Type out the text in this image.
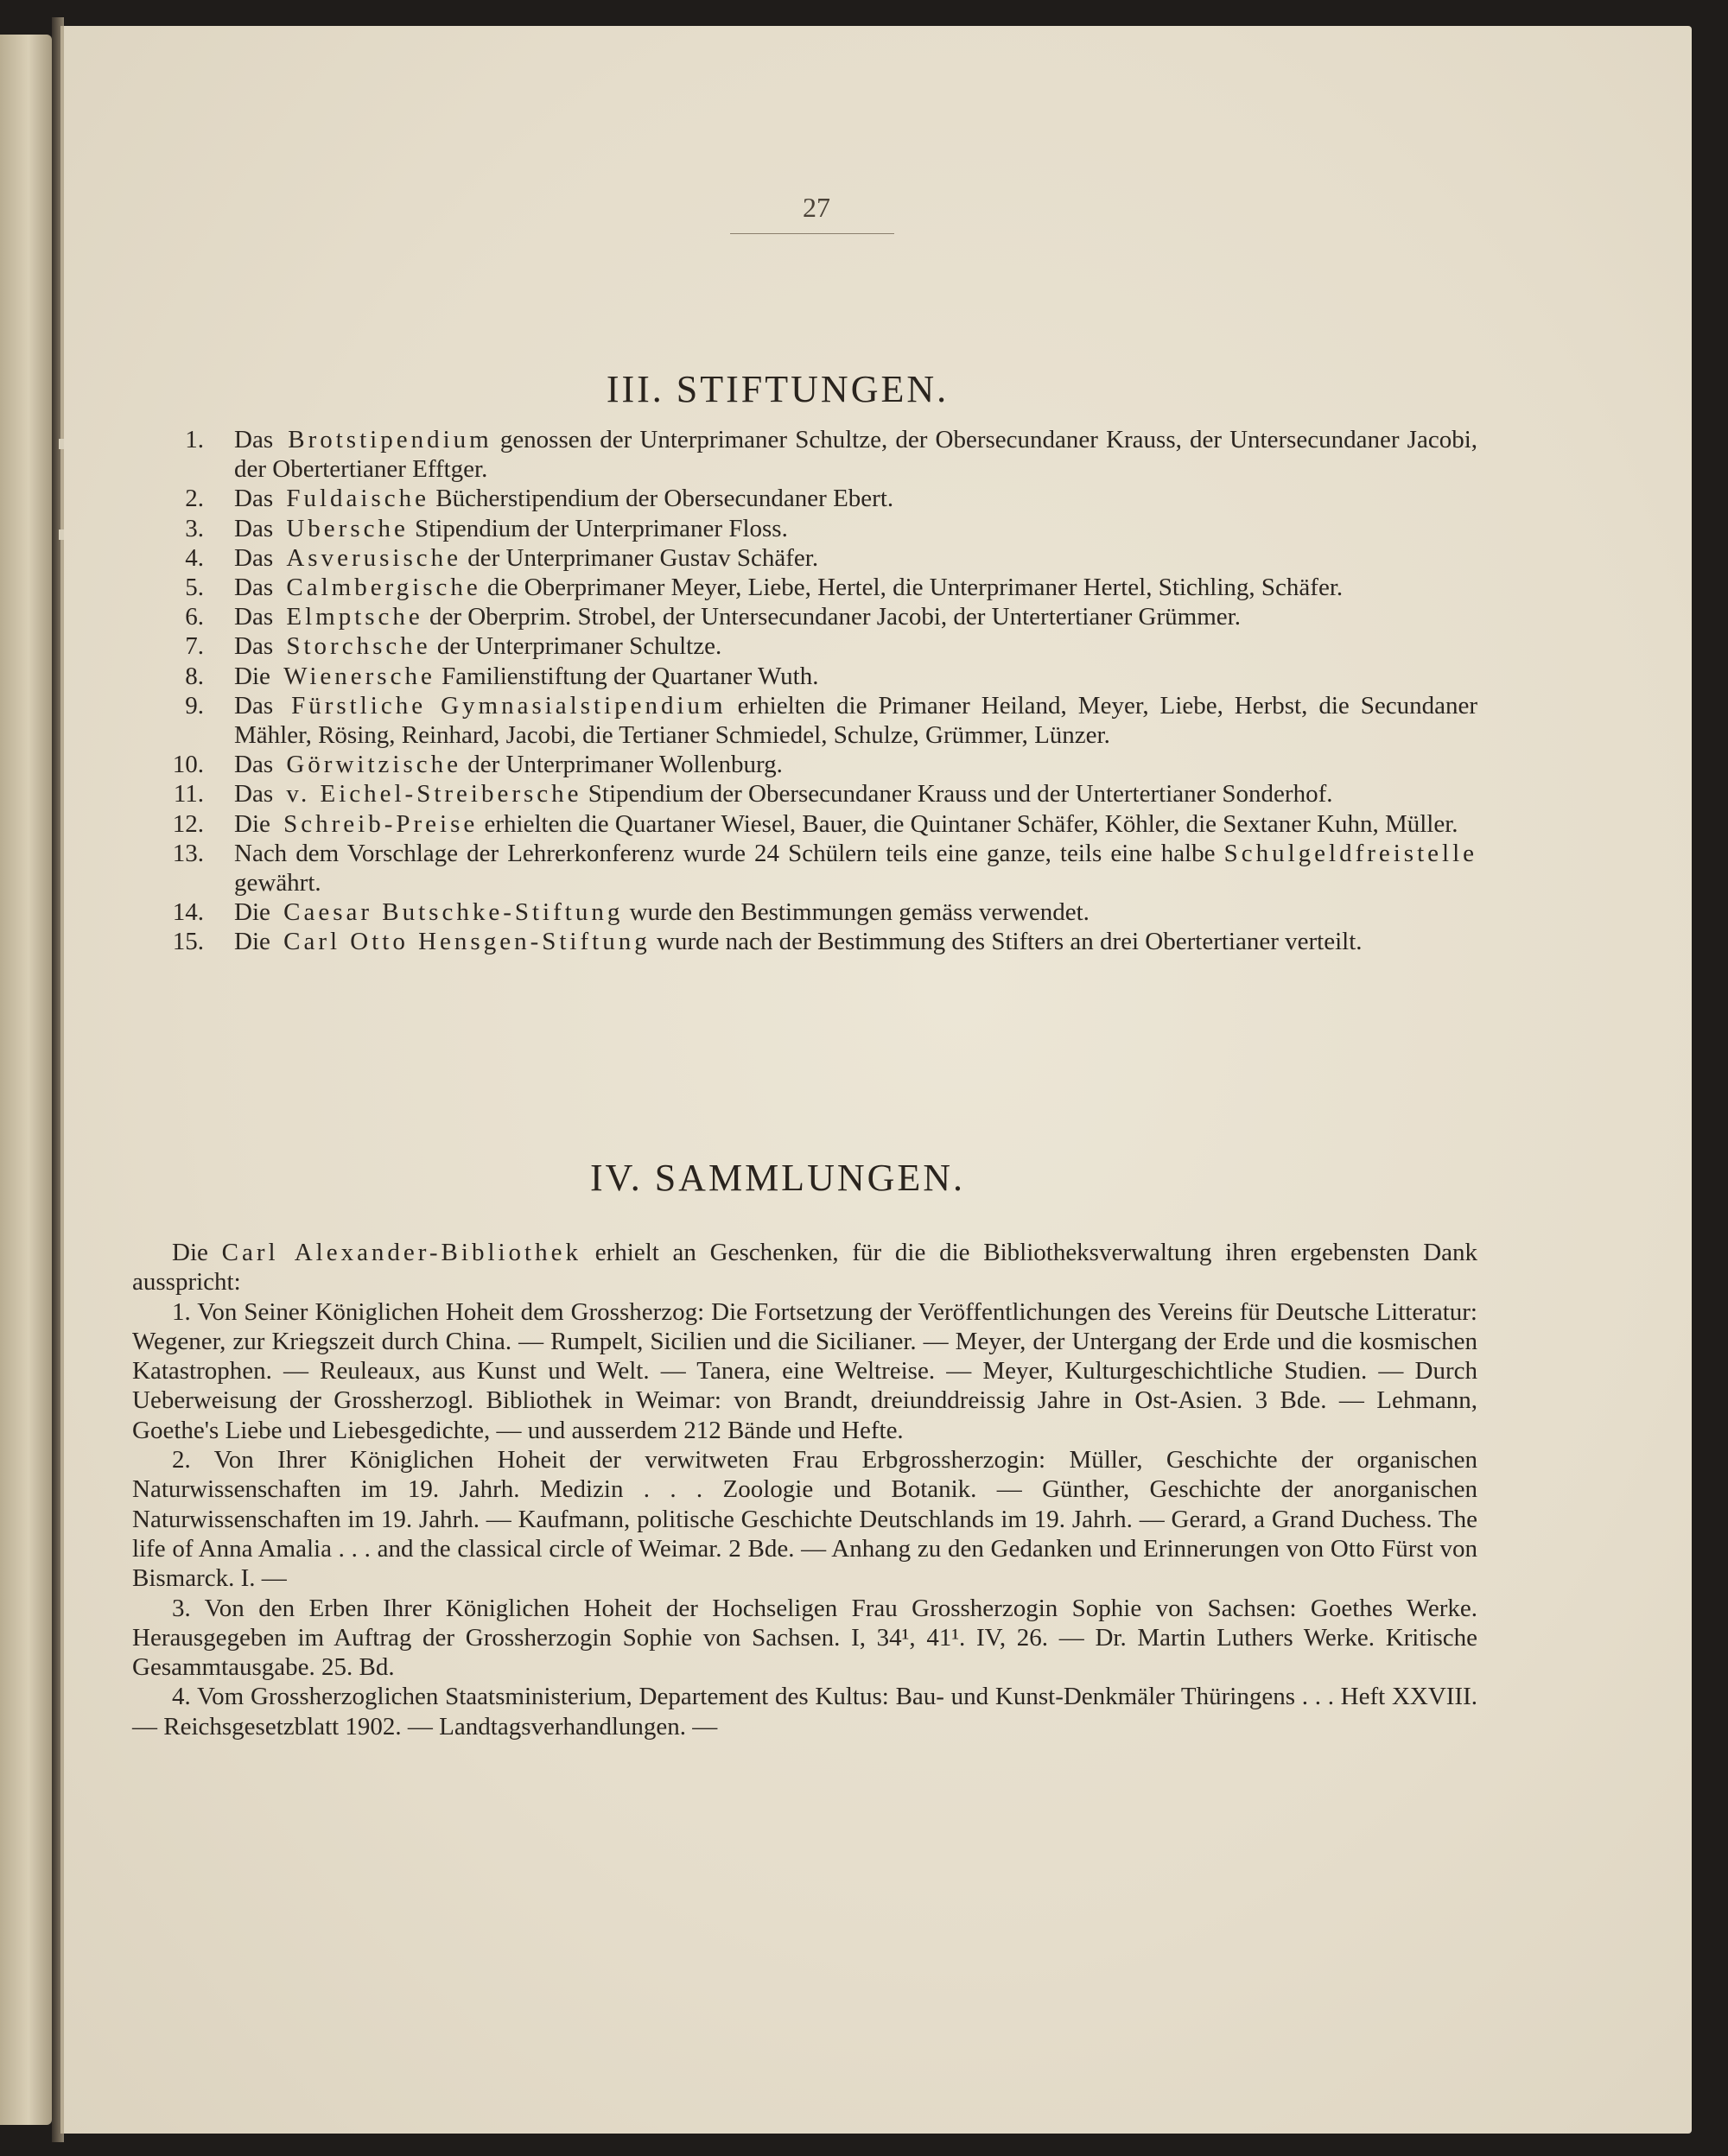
27
III. STIFTUNGEN.
1. Das Brotstipendium genossen der Unterprimaner Schultze, der Obersecundaner Krauss, der Untersecundaner Jacobi, der Obertertianer Efftger.
2. Das Fuldaische Bücherstipendium der Obersecundaner Ebert.
3. Das Ubersche Stipendium der Unterprimaner Floss.
4. Das Asverusische der Unterprimaner Gustav Schäfer.
5. Das Calmbergische die Oberprimaner Meyer, Liebe, Hertel, die Unterprimaner Hertel, Stichling, Schäfer.
6. Das Elmptsche der Oberprim. Strobel, der Untersecundaner Jacobi, der Untertertianer Grümmer.
7. Das Storchsche der Unterprimaner Schultze.
8. Die Wienersche Familienstiftung der Quartaner Wuth.
9. Das Fürstliche Gymnasialstipendium erhielten die Primaner Heiland, Meyer, Liebe, Herbst, die Secundaner Mähler, Rösing, Reinhard, Jacobi, die Tertianer Schmiedel, Schulze, Grümmer, Lünzer.
10. Das Görwitzische der Unterprimaner Wollenburg.
11. Das v. Eichel-Streibersche Stipendium der Obersecundaner Krauss und der Untertertianer Sonderhof.
12. Die Schreib-Preise erhielten die Quartaner Wiesel, Bauer, die Quintaner Schäfer, Köhler, die Sextaner Kuhn, Müller.
13. Nach dem Vorschlage der Lehrerkonferenz wurde 24 Schülern teils eine ganze, teils eine halbe Schulgeldfreistelle gewährt.
14. Die Caesar Butschke-Stiftung wurde den Bestimmungen gemäss verwendet.
15. Die Carl Otto Hensgen-Stiftung wurde nach der Bestimmung des Stifters an drei Obertertianer verteilt.
IV. SAMMLUNGEN.

Die Carl Alexander-Bibliothek erhielt an Geschenken, für die die Bibliotheksverwaltung ihren ergebensten Dank ausspricht:

1. Von Seiner Königlichen Hoheit dem Grossherzog: Die Fortsetzung der Veröffentlichungen des Vereins für Deutsche Litteratur: Wegener, zur Kriegszeit durch China. — Rumpelt, Sicilien und die Sicilianer. — Meyer, der Untergang der Erde und die kosmischen Katastrophen. — Reuleaux, aus Kunst und Welt. — Tanera, eine Weltreise. — Meyer, Kulturgeschichtliche Studien. — Durch Ueberweisung der Grossherzogl. Bibliothek in Weimar: von Brandt, dreiunddreissig Jahre in Ost-Asien. 3 Bde. — Lehmann, Goethe's Liebe und Liebesgedichte, — und ausserdem 212 Bände und Hefte.

2. Von Ihrer Königlichen Hoheit der verwitweten Frau Erbgrossherzogin: Müller, Geschichte der organischen Naturwissenschaften im 19. Jahrh. Medizin . . . Zoologie und Botanik. — Günther, Geschichte der anorganischen Naturwissenschaften im 19. Jahrh. — Kaufmann, politische Geschichte Deutschlands im 19. Jahrh. — Gerard, a Grand Duchess. The life of Anna Amalia . . . and the classical circle of Weimar. 2 Bde. — Anhang zu den Gedanken und Erinnerungen von Otto Fürst von Bismarck. I. —

3. Von den Erben Ihrer Königlichen Hoheit der Hochseligen Frau Grossherzogin Sophie von Sachsen: Goethes Werke. Herausgegeben im Auftrag der Grossherzogin Sophie von Sachsen. I, 34¹, 41¹. IV, 26. — Dr. Martin Luthers Werke. Kritische Gesammtausgabe. 25. Bd.

4. Vom Grossherzoglichen Staatsministerium, Departement des Kultus: Bau- und Kunst-Denkmäler Thüringens . . . Heft XXVIII. — Reichsgesetzblatt 1902. — Landtagsverhandlungen. —
